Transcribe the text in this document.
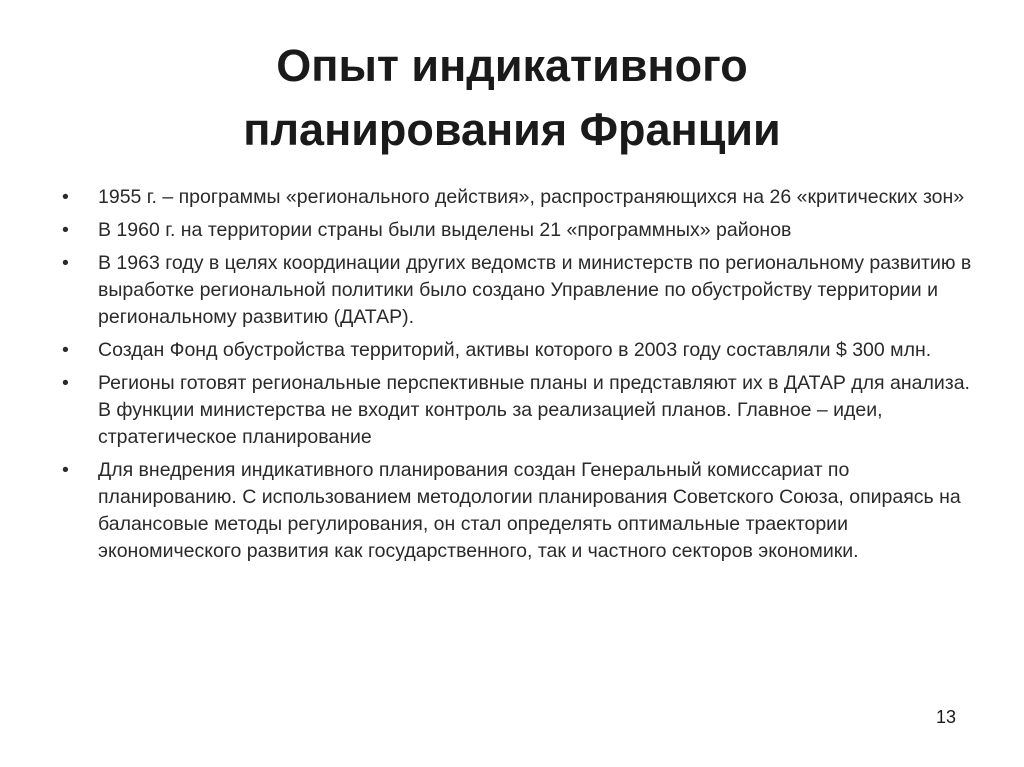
Опыт индикативного
планирования Франции
• 1955 г. – программы «регионального действия», распространяющихся на 26 «критических зон»
• В 1960 г. на территории страны были выделены 21 «программных» районов
• В 1963 году в целях координации других ведомств и министерств по региональному развитию в выработке региональной политики было создано Управление по обустройству территории и региональному развитию (ДАТАР).
• Создан Фонд обустройства территорий, активы которого в 2003 году составляли $ 300 млн.
• Регионы готовят региональные перспективные планы и представляют их в ДАТАР для анализа. В функции министерства не входит контроль за реализацией планов. Главное – идеи, стратегическое планирование
• Для внедрения индикативного планирования создан Генеральный комиссариат по планированию. С использованием методологии планирования Советского Союза, опираясь на балансовые методы регулирования, он стал определять оптимальные траектории экономического развития как государственного, так и частного секторов экономики.
13
